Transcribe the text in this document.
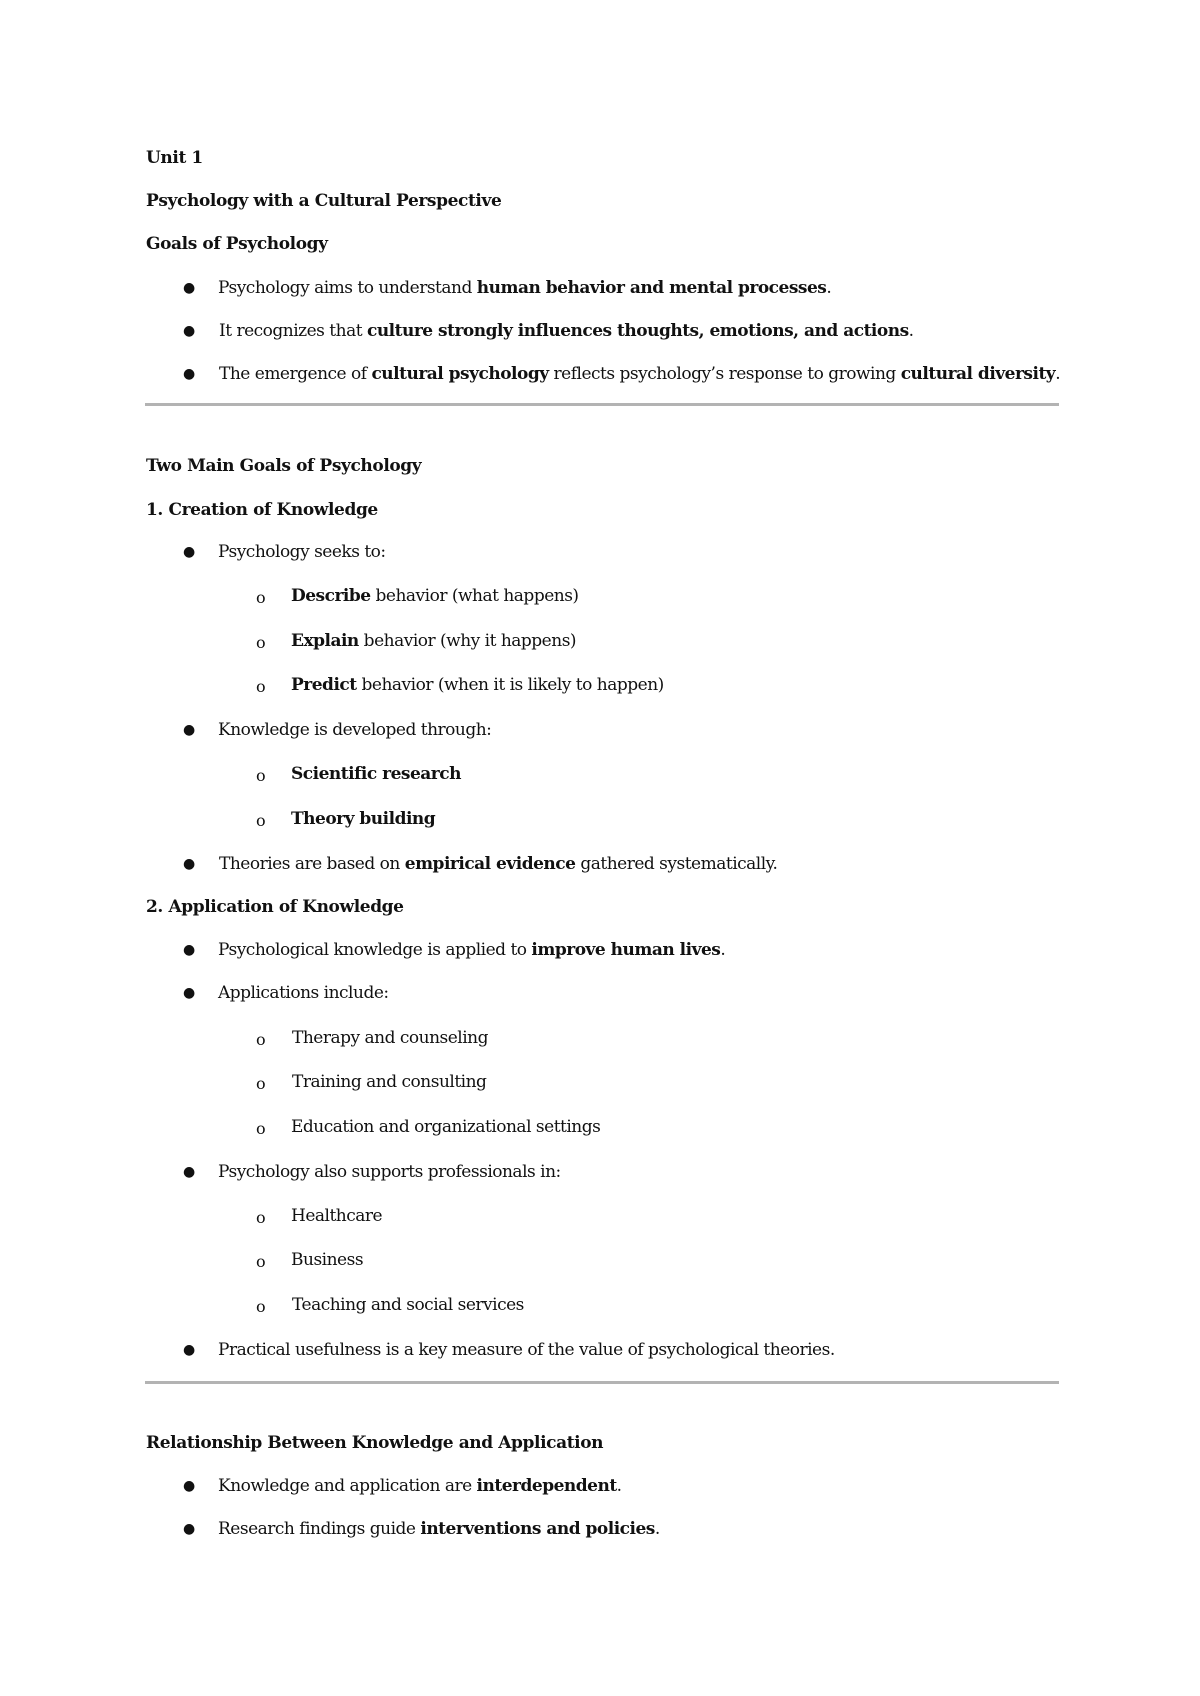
Unit 1
Psychology with a Cultural Perspective
Goals of Psychology
● Psychology aims to understand human behavior and mental processes.
● It recognizes that culture strongly influences thoughts, emotions, and actions.
● The emergence of cultural psychology reflects psychology’s response to growing cultural diversity.
Two Main Goals of Psychology
1. Creation of Knowledge
● Psychology seeks to:
o Describe behavior (what happens)
o Explain behavior (why it happens)
o Predict behavior (when it is likely to happen)
● Knowledge is developed through:
o Scientific research
o Theory building
● Theories are based on empirical evidence gathered systematically.
2. Application of Knowledge
● Psychological knowledge is applied to improve human lives.
● Applications include:
o Therapy and counseling
o Training and consulting
o Education and organizational settings
● Psychology also supports professionals in:
o Healthcare
o Business
o Teaching and social services
● Practical usefulness is a key measure of the value of psychological theories.
Relationship Between Knowledge and Application
● Knowledge and application are interdependent.
● Research findings guide interventions and policies.
